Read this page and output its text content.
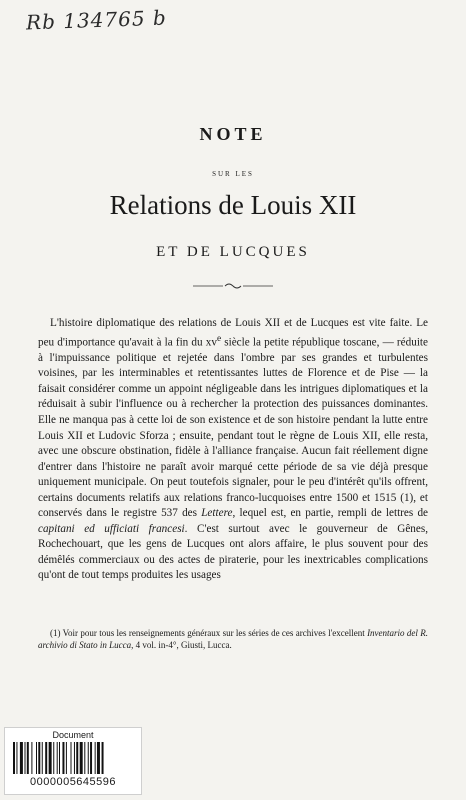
Rb 134765 b
NOTE
SUR LES
Relations de Louis XII
ET DE LUCQUES

L'histoire diplomatique des relations de Louis XII et de Lucques est vite faite. Le peu d'importance qu'avait à la fin du $xv^e$ siècle la petite république toscane, — réduite à l'impuissance politique et rejetée dans l'ombre par ses grandes et turbulentes voisines, par les interminables et retentissantes luttes de Florence et de Pise — la faisait considérer comme un appoint négligeable dans les intrigues diplomatiques et la réduisait à subir l'influence ou à rechercher la protection des puissances dominantes. Elle ne manqua pas à cette loi de son existence et de son histoire pendant la lutte entre Louis XII et Ludovic Sforza ; ensuite, pendant tout le règne de Louis XII, elle resta, avec une obscure obstination, fidèle à l'alliance française. Aucun fait réellement digne d'entrer dans l'histoire ne paraît avoir marqué cette période de sa vie déjà presque uniquement municipale. On peut toutefois signaler, pour le peu d'intérêt qu'ils offrent, certains documents relatifs aux relations franco-lucquoises entre 1500 et 1515 (1), et conservés dans le registre 537 des Lettere, lequel est, en partie, rempli de lettres de capitani ed ufficiati francesi. C'est surtout avec le gouverneur de Gênes, Rochechouart, que les gens de Lucques ont alors affaire, le plus souvent pour des démêlés commerciaux ou des actes de piraterie, pour les inextricables complications qu'ont de tout temps produites les usages

(1) Voir pour tous les renseignements généraux sur les séries de ces archives l'excellent Inventario del R. archivio di Stato in Lucca, 4 vol. in-4°, Giusti, Lucca.

Document
0000005645596
